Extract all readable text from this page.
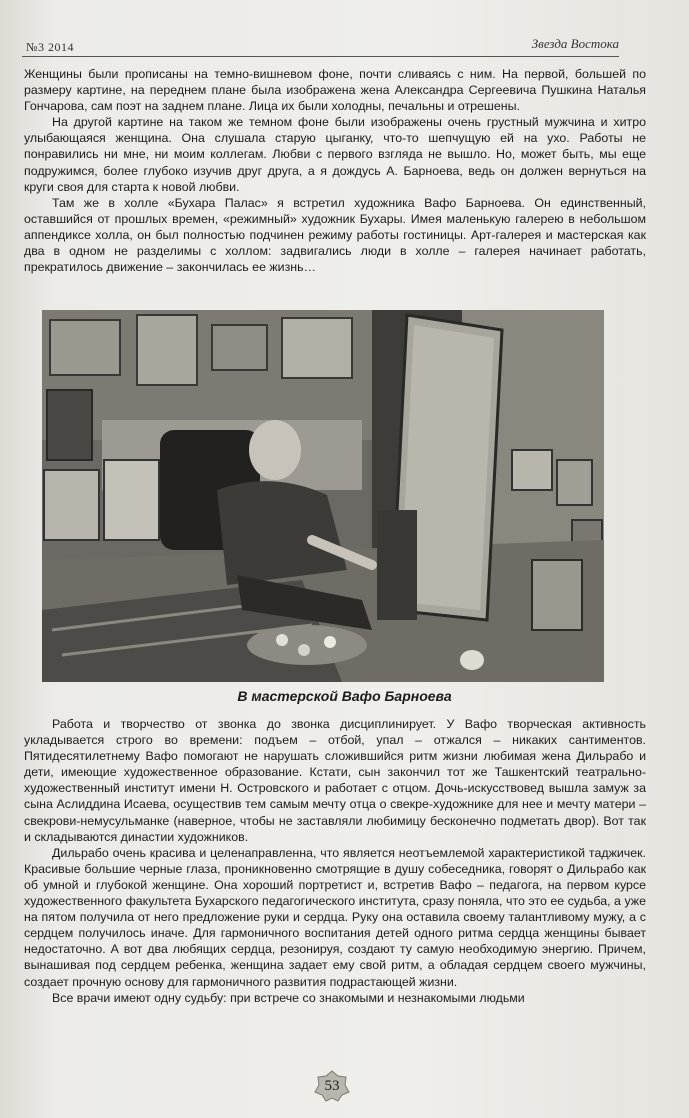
№3 2014	Звезда Востока

Женщины были прописаны на темно-вишневом фоне, почти сливаясь с ним. На первой, большей по размеру картине, на переднем плане была изображена жена Александра Сергеевича Пушкина Наталья Гончарова, сам поэт на заднем плане. Лица их были холодны, печальны и отрешены.

На другой картине на таком же темном фоне были изображены очень грустный мужчина и хитро улыбающаяся женщина. Она слушала старую цыганку, что-то шепчущую ей на ухо. Работы не понравились ни мне, ни моим коллегам. Любви с первого взгляда не вышло. Но, может быть, мы еще подружимся, более глубоко изучив друг друга, а я дождусь А. Барноева, ведь он должен вернуться на круги своя для старта к новой любви.

Там же в холле «Бухара Палас» я встретил художника Вафо Барноева. Он единственный, оставшийся от прошлых времен, «режимный» художник Бухары. Имея маленькую галерею в небольшом аппендиксе холла, он был полностью подчинен режиму работы гостиницы. Арт-галерея и мастерская как два в одном не разделимы с холлом: задвигались люди в холле – галерея начинает работать, прекратилось движение – закончилась ее жизнь…

В мастерской Вафо Барноева

Работа и творчество от звонка до звонка дисциплинирует. У Вафо творческая активность укладывается строго во времени: подъем – отбой, упал – отжался – никаких сантиментов. Пятидесятилетнему Вафо помогают не нарушать сложившийся ритм жизни любимая жена Дильрабо и дети, имеющие художественное образование. Кстати, сын закончил тот же Ташкентский театрально-художественный институт имени Н. Островского и работает с отцом. Дочь-искусствовед вышла замуж за сына Аслиддина Исаева, осуществив тем самым мечту отца о свекре-художнике для нее и мечту матери – свекрови-немусульманке (наверное, чтобы не заставляли любимицу бесконечно подметать двор). Вот так и складываются династии художников.

Дильрабо очень красива и целенаправленна, что является неотъемлемой характеристикой таджичек. Красивые большие черные глаза, проникновенно смотрящие в душу собеседника, говорят о Дильрабо как об умной и глубокой женщине. Она хороший портретист и, встретив Вафо – педагога, на первом курсе художественного факультета Бухарского педагогического института, сразу поняла, что это ее судьба, а уже на пятом получила от него предложение руки и сердца. Руку она оставила своему талантливому мужу, а с сердцем получилось иначе. Для гармоничного воспитания детей одного ритма сердца женщины бывает недостаточно. А вот два любящих сердца, резонируя, создают ту самую необходимую энергию. Причем, вынашивая под сердцем ребенка, женщина задает ему свой ритм, а обладая сердцем своего мужчины, создает прочную основу для гармоничного развития подрастающей жизни.

Все врачи имеют одну судьбу: при встрече со знакомыми и незнакомыми людьми

53
